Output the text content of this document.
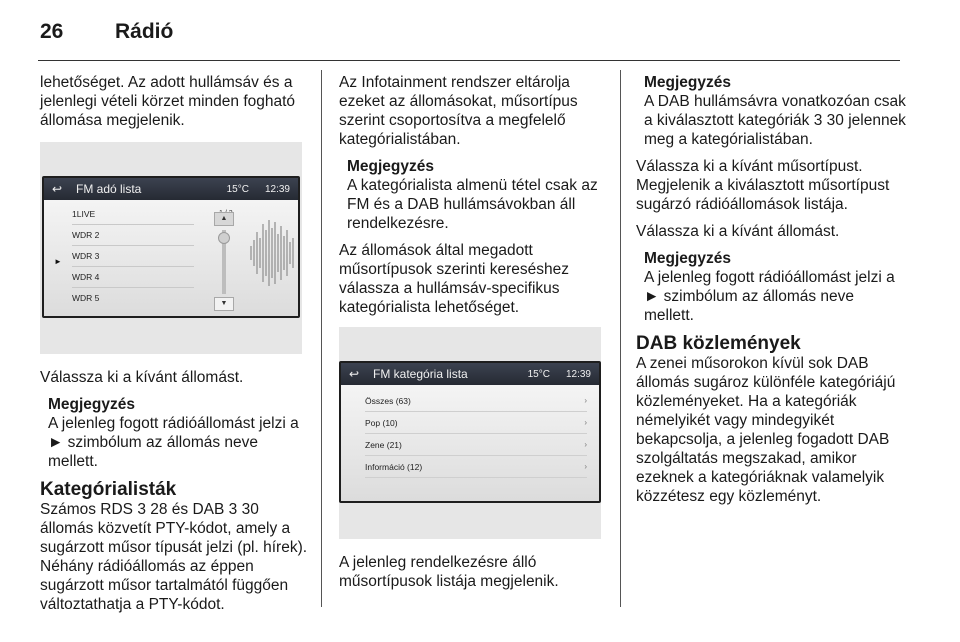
26 Rádió

lehetőséget. Az adott hullámsáv és a jelenlegi vételi körzet minden fogható állomása megjelenik.

↩	FM adó lista	15°C 12:39
1LIVE
WDR 2
WDR 3
►
WDR 4
WDR 5
▲
▼

Válassza ki a kívánt állomást.

Megjegyzés
A jelenleg fogott rádióállomást jelzi a ► szimbólum az állomás neve mellett.
Kategórialisták

Számos RDS 3 28 és DAB 3 30 állomás közvetít PTY-kódot, amely a sugárzott műsor típusát jelzi (pl. hírek). Néhány rádióállomás az éppen sugárzott műsor tartalmától függően változtathatja a PTY-kódot.

Az Infotainment rendszer eltárolja ezeket az állomásokat, műsortípus szerint csoportosítva a megfelelő kategórialistában.

Megjegyzés
A kategórialista almenü tétel csak az FM és a DAB hullámsávokban áll rendelkezésre.

Az állomások által megadott műsortípusok szerinti kereséshez válassza a hullámsáv-specifikus kategórialista lehetőséget.

↩	FM kategória lista	15°C 12:39
Összes (63)	›
Pop (10)	›
Zene (21)	›
Információ (12)	›

A jelenleg rendelkezésre álló műsortípusok listája megjelenik.

Megjegyzés
A DAB hullámsávra vonatkozóan csak a kiválasztott kategóriák 3 30 jelennek meg a kategórialistában.

Válassza ki a kívánt műsortípust. Megjelenik a kiválasztott műsortípust sugárzó rádióállomások listája.

Válassza ki a kívánt állomást.

Megjegyzés
A jelenleg fogott rádióállomást jelzi a ► szimbólum az állomás neve mellett.
DAB közlemények

A zenei műsorokon kívül sok DAB állomás sugároz különféle kategóriájú közleményeket. Ha a kategóriák némelyikét vagy mindegyikét bekapcsolja, a jelenleg fogadott DAB szolgáltatás megszakad, amikor ezeknek a kategóriáknak valamelyik közzétesz egy közleményt.
